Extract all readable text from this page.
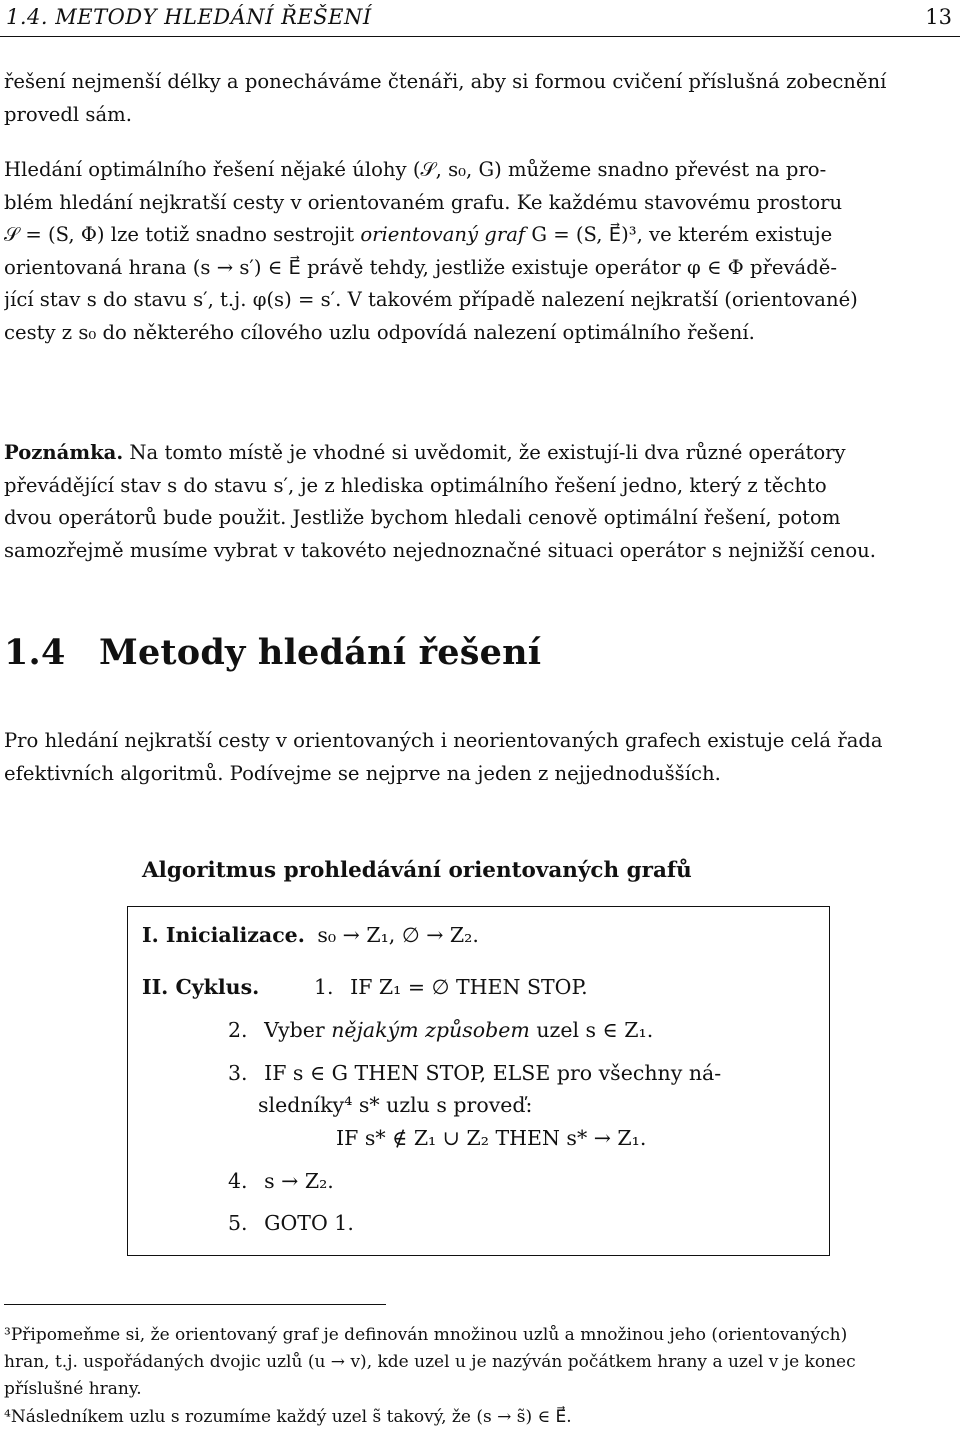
1.4. METODY HLEDÁNÍ ŘEŠENÍ	13
řešení nejmenší délky a ponecháváme čtenáři, aby si formou cvičení příslušná zobecnění
provedl sám.
Hledání optimálního řešení nějaké úlohy (𝒮, s₀, G) můžeme snadno převést na pro-
blém hledání nejkratší cesty v orientovaném grafu. Ke každému stavovému prostoru
𝒮 = (S, Φ) lze totiž snadno sestrojit orientovaný graf G = (S, E⃗)³, ve kterém existuje
orientovaná hrana (s → s′) ∈ E⃗ právě tehdy, jestliže existuje operátor φ ∈ Φ převádě-
jící stav s do stavu s′, t.j. φ(s) = s′. V takovém případě nalezení nejkratší (orientované)
cesty z s₀ do některého cílového uzlu odpovídá nalezení optimálního řešení.
Poznámka. Na tomto místě je vhodné si uvědomit, že existují-li dva různé operátory
převádějící stav s do stavu s′, je z hlediska optimálního řešení jedno, který z těchto
dvou operátorů bude použit. Jestliže bychom hledali cenově optimální řešení, potom
samozřejmě musíme vybrat v takovéto nejednoznačné situaci operátor s nejnižší cenou.
1.4 Metody hledání řešení
Pro hledání nejkratší cesty v orientovaných i neorientovaných grafech existuje celá řada
efektivních algoritmů. Podívejme se nejprve na jeden z nejjednodušších.
Algoritmus prohledávání orientovaných grafů
I. Inicializace. s₀ → Z₁, ∅ → Z₂.
II. Cyklus.	1. IF Z₁ = ∅ THEN STOP.
2. Vyber nějakým způsobem uzel s ∈ Z₁.
3. IF s ∈ G THEN STOP, ELSE pro všechny ná-
sledníky⁴ s* uzlu s proveď:
IF s* ∉ Z₁ ∪ Z₂ THEN s* → Z₁.
4. s → Z₂.
5. GOTO 1.
³Připomeňme si, že orientovaný graf je definován množinou uzlů a množinou jeho (orientovaných)
hran, t.j. uspořádaných dvojic uzlů (u → v), kde uzel u je nazýván počátkem hrany a uzel v je konec
příslušné hrany.
⁴Následníkem uzlu s rozumíme každý uzel s̃ takový, že (s → s̃) ∈ E⃗.
